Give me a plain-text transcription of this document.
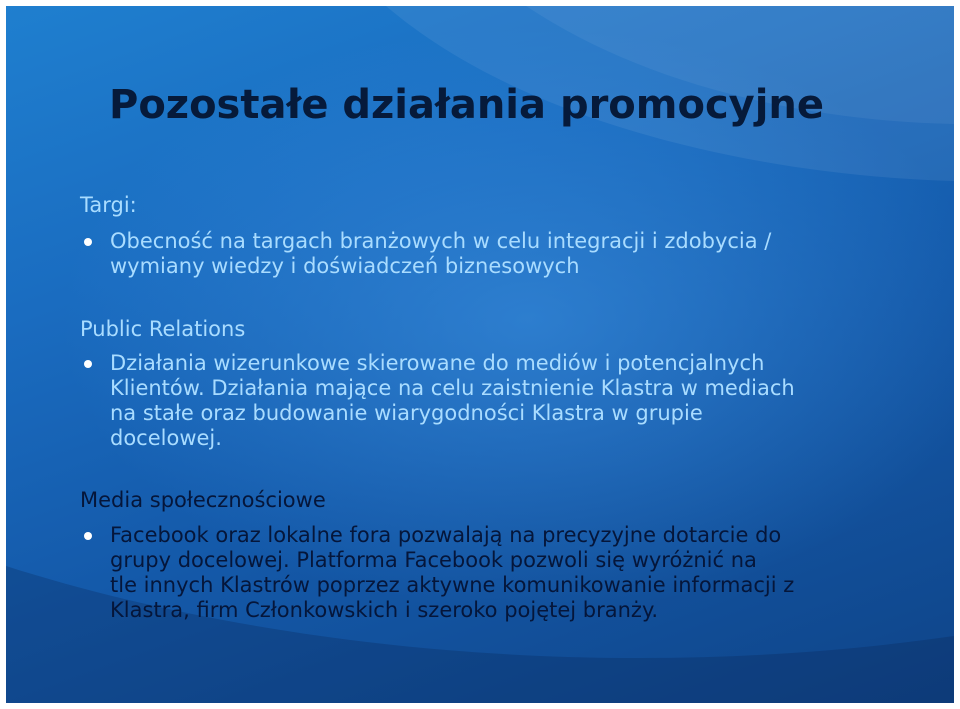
Pozostałe działania promocyjne
Targi:
Obecność na targach branżowych w celu integracji i zdobycia /
wymiany wiedzy i doświadczeń biznesowych
Public Relations
Działania wizerunkowe skierowane do mediów i potencjalnych
Klientów. Działania mające na celu zaistnienie Klastra w mediach
na stałe oraz budowanie wiarygodności Klastra w grupie
docelowej.
Media społecznościowe
Facebook oraz lokalne fora pozwalają na precyzyjne dotarcie do
grupy docelowej. Platforma Facebook pozwoli się wyróżnić na
tle innych Klastrów poprzez aktywne komunikowanie informacji z
Klastra, firm Członkowskich i szeroko pojętej branży.
